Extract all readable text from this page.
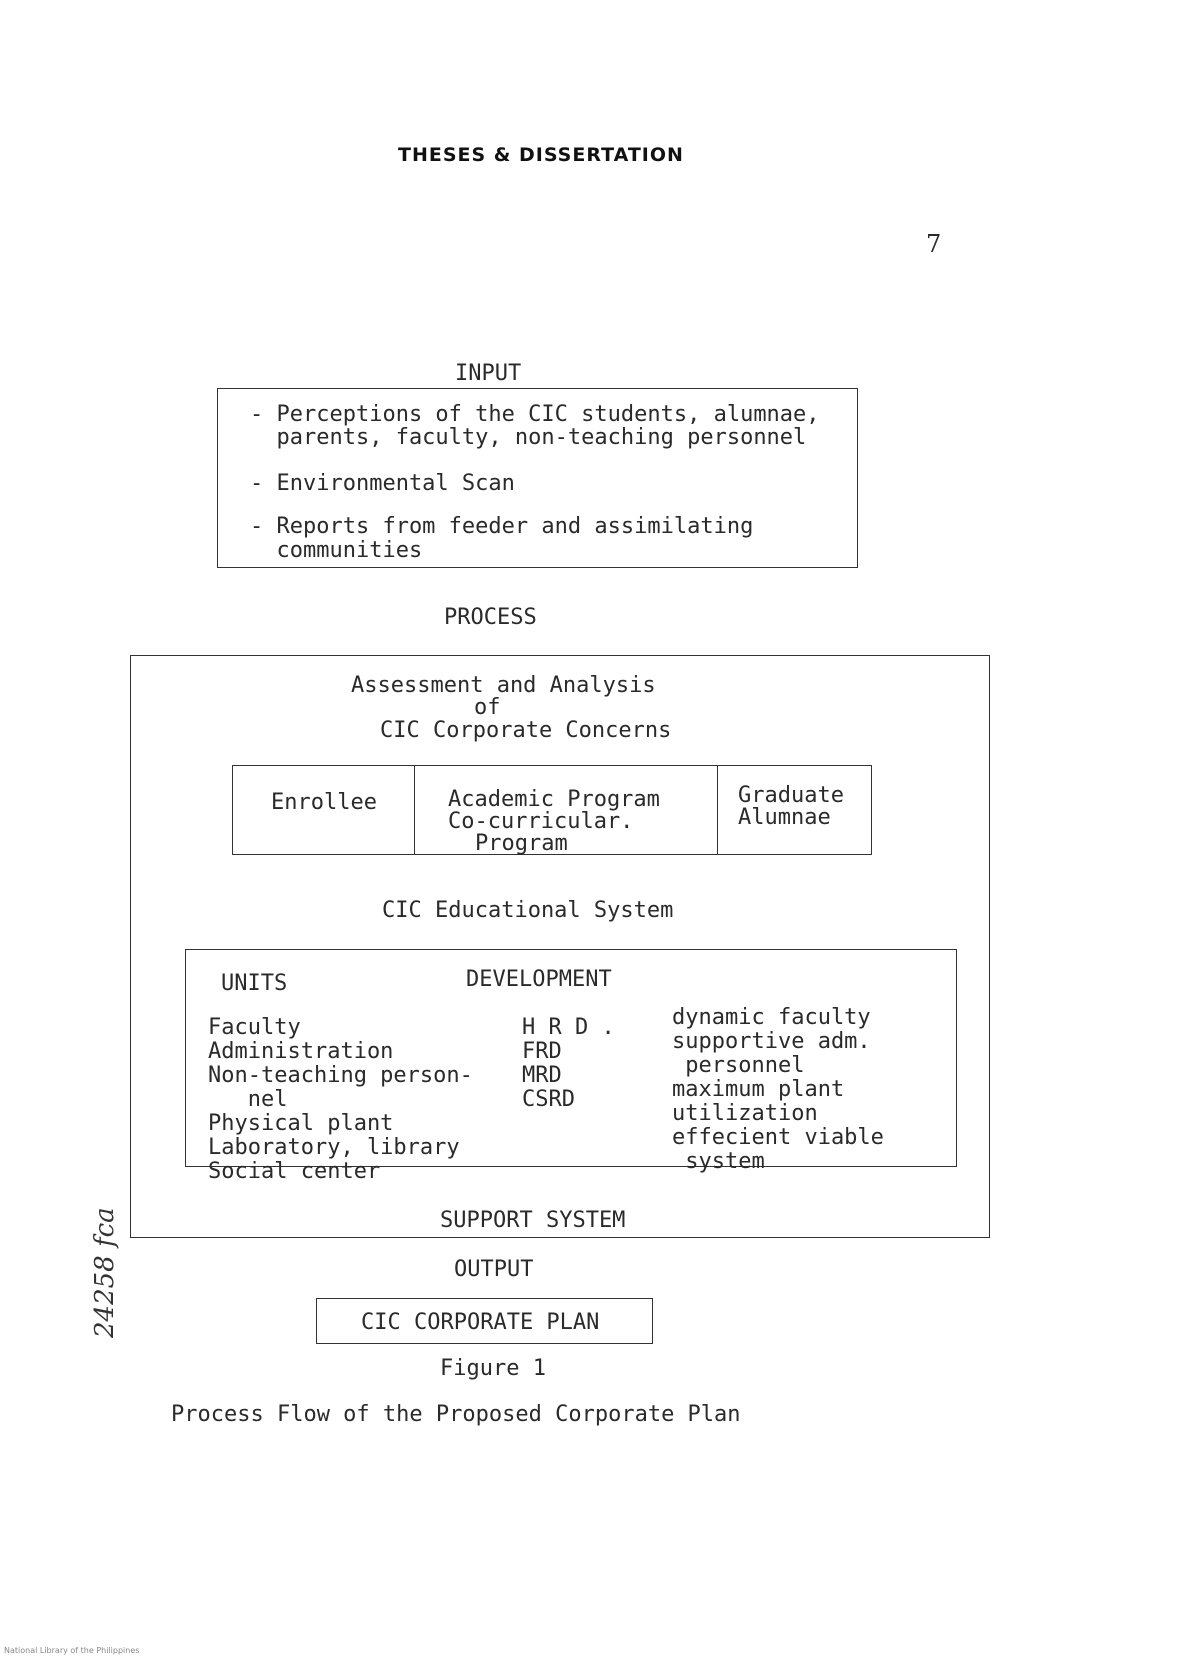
THESES & DISSERTATION
7
INPUT
- Perceptions of the CIC students, alumnae,
parents, faculty, non-teaching personnel
- Environmental Scan
- Reports from feeder and assimilating
communities
PROCESS
Assessment and Analysis
of
CIC Corporate Concerns
Enrollee	Academic Program
Co-curricular.
Program
Graduate
Alumnae
CIC Educational System
UNITS	DEVELOPMENT
Faculty
Administration
Non-teaching person-
nel
Physical plant
Laboratory, library
Social center
H R D .
FRD
MRD
CSRD
dynamic faculty
supportive adm.
personnel
maximum plant
utilization
effecient viable
system
SUPPORT SYSTEM
OUTPUT
CIC CORPORATE PLAN
Figure 1
Process Flow of the Proposed Corporate Plan
24258 fca
National Library of the Philippines
